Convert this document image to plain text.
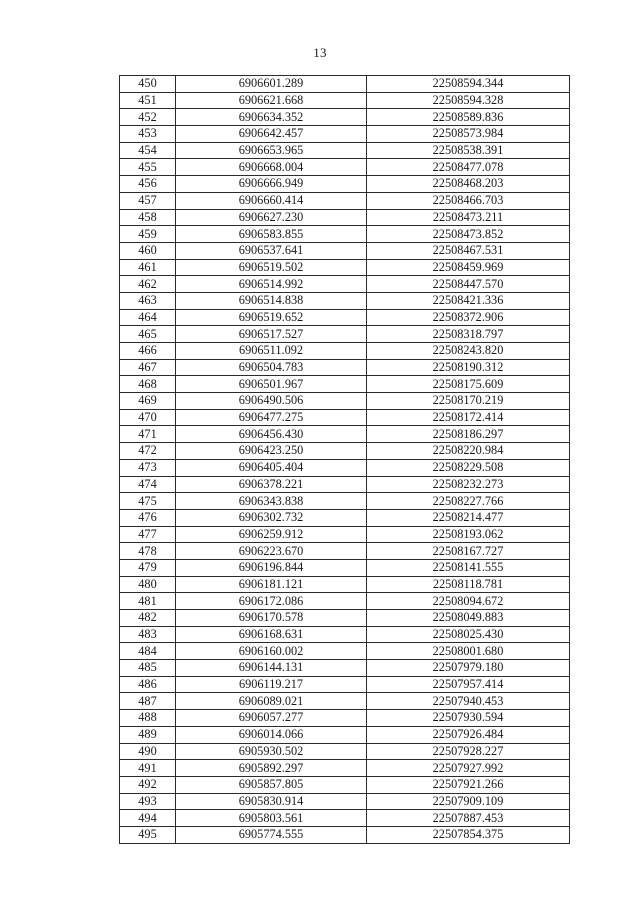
13
450	6906601.289	22508594.344
451	6906621.668	22508594.328
452	6906634.352	22508589.836
453	6906642.457	22508573.984
454	6906653.965	22508538.391
455	6906668.004	22508477.078
456	6906666.949	22508468.203
457	6906660.414	22508466.703
458	6906627.230	22508473.211
459	6906583.855	22508473.852
460	6906537.641	22508467.531
461	6906519.502	22508459.969
462	6906514.992	22508447.570
463	6906514.838	22508421.336
464	6906519.652	22508372.906
465	6906517.527	22508318.797
466	6906511.092	22508243.820
467	6906504.783	22508190.312
468	6906501.967	22508175.609
469	6906490.506	22508170.219
470	6906477.275	22508172.414
471	6906456.430	22508186.297
472	6906423.250	22508220.984
473	6906405.404	22508229.508
474	6906378.221	22508232.273
475	6906343.838	22508227.766
476	6906302.732	22508214.477
477	6906259.912	22508193.062
478	6906223.670	22508167.727
479	6906196.844	22508141.555
480	6906181.121	22508118.781
481	6906172.086	22508094.672
482	6906170.578	22508049.883
483	6906168.631	22508025.430
484	6906160.002	22508001.680
485	6906144.131	22507979.180
486	6906119.217	22507957.414
487	6906089.021	22507940.453
488	6906057.277	22507930.594
489	6906014.066	22507926.484
490	6905930.502	22507928.227
491	6905892.297	22507927.992
492	6905857.805	22507921.266
493	6905830.914	22507909.109
494	6905803.561	22507887.453
495	6905774.555	22507854.375
